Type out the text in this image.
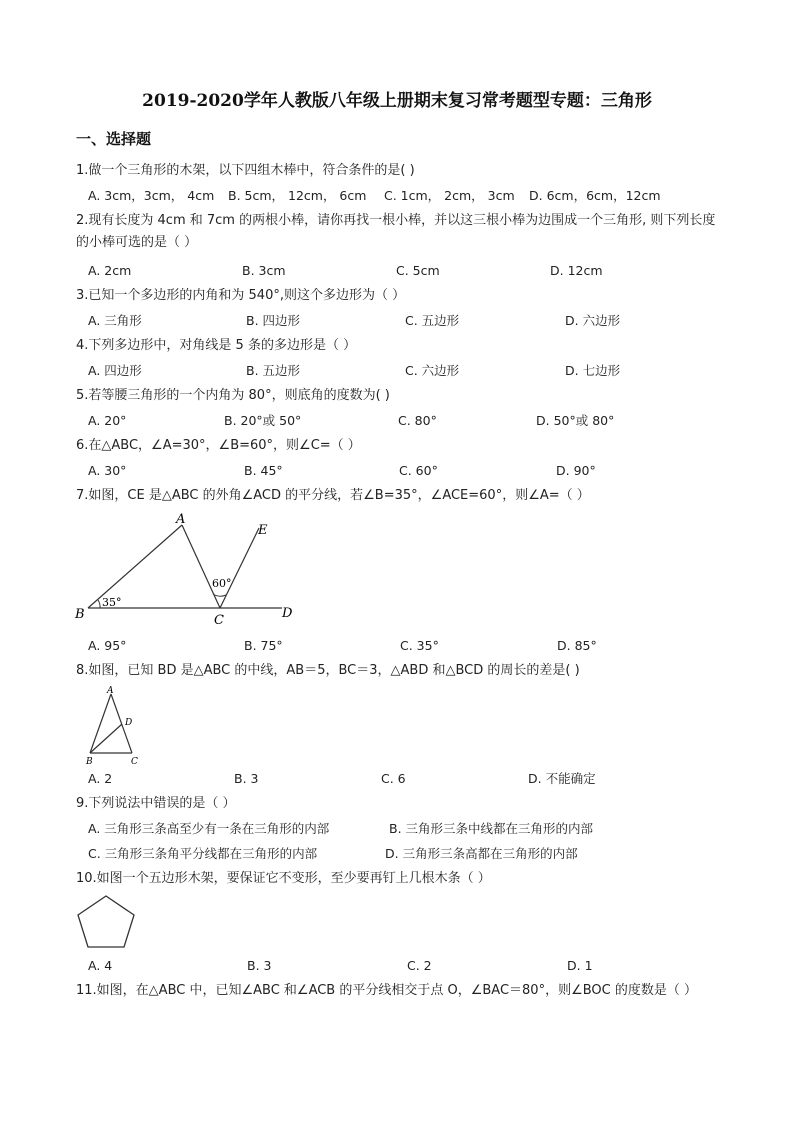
2019-2020学年人教版八年级上册期末复习常考题型专题：三角形
一、选择题
1.做一个三角形的木架，以下四组木棒中，符合条件的是( )
A. 3cm，3cm， 4cm B. 5cm， 12cm， 6cm C. 1cm， 2cm， 3cm D. 6cm，6cm，12cm
2.现有长度为 4cm 和 7cm 的两根小棒，请你再找一根小棒，并以这三根小棒为边围成一个三角形, 则下列长度的小棒可选的是（ ）
A. 2cm	B. 3cm	C. 5cm	D. 12cm
3.已知一个多边形的内角和为 540°,则这个多边形为（ ）
A. 三角形	B. 四边形	C. 五边形	D. 六边形
4.下列多边形中，对角线是 5 条的多边形是（ ）
A. 四边形	B. 五边形	C. 六边形	D. 七边形
5.若等腰三角形的一个内角为 80°，则底角的度数为( )
A. 20°	B. 20°或 50°	C. 80°	D. 50°或 80°
6.在△ABC，∠A=30°，∠B=60°，则∠C=（ ）
A. 30°	B. 45°	C. 60°	D. 90°
7.如图，CE 是△ABC 的外角∠ACD 的平分线，若∠B=35°，∠ACE=60°，则∠A=（ ）
A
B	C	D
E
35°
60°
A. 95°	B. 75°	C. 35°	D. 85°
8.如图，已知 BD 是△ABC 的中线，AB＝5，BC＝3，△ABD 和△BCD 的周长的差是( )
A
B	C
D
A. 2	B. 3	C. 6	D. 不能确定
9.下列说法中错误的是（ ）
A. 三角形三条高至少有一条在三角形的内部	B. 三角形三条中线都在三角形的内部
C. 三角形三条角平分线都在三角形的内部	D. 三角形三条高都在三角形的内部
10.如图一个五边形木架，要保证它不变形，至少要再钉上几根木条（ ）
A. 4	B. 3	C. 2	D. 1
11.如图，在△ABC 中，已知∠ABC 和∠ACB 的平分线相交于点 O，∠BAC＝80°，则∠BOC 的度数是（ ）
